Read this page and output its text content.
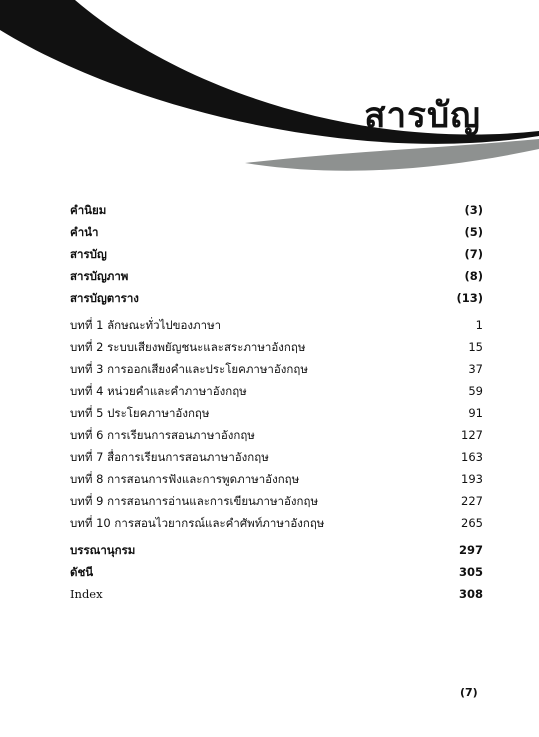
สารบัญ
คำนิยม	(3)
คำนำ	(5)
สารบัญ	(7)
สารบัญภาพ	(8)
สารบัญตาราง	(13)
บทที่ 1 ลักษณะทั่วไปของภาษา	1
บทที่ 2 ระบบเสียงพยัญชนะและสระภาษาอังกฤษ	15
บทที่ 3 การออกเสียงคำและประโยคภาษาอังกฤษ	37
บทที่ 4 หน่วยคำและคำภาษาอังกฤษ	59
บทที่ 5 ประโยคภาษาอังกฤษ	91
บทที่ 6 การเรียนการสอนภาษาอังกฤษ	127
บทที่ 7 สื่อการเรียนการสอนภาษาอังกฤษ	163
บทที่ 8 การสอนการฟังและการพูดภาษาอังกฤษ	193
บทที่ 9 การสอนการอ่านและการเขียนภาษาอังกฤษ	227
บทที่ 10 การสอนไวยากรณ์และคำศัพท์ภาษาอังกฤษ	265
บรรณานุกรม	297
ดัชนี	305
Index	308
(7)
